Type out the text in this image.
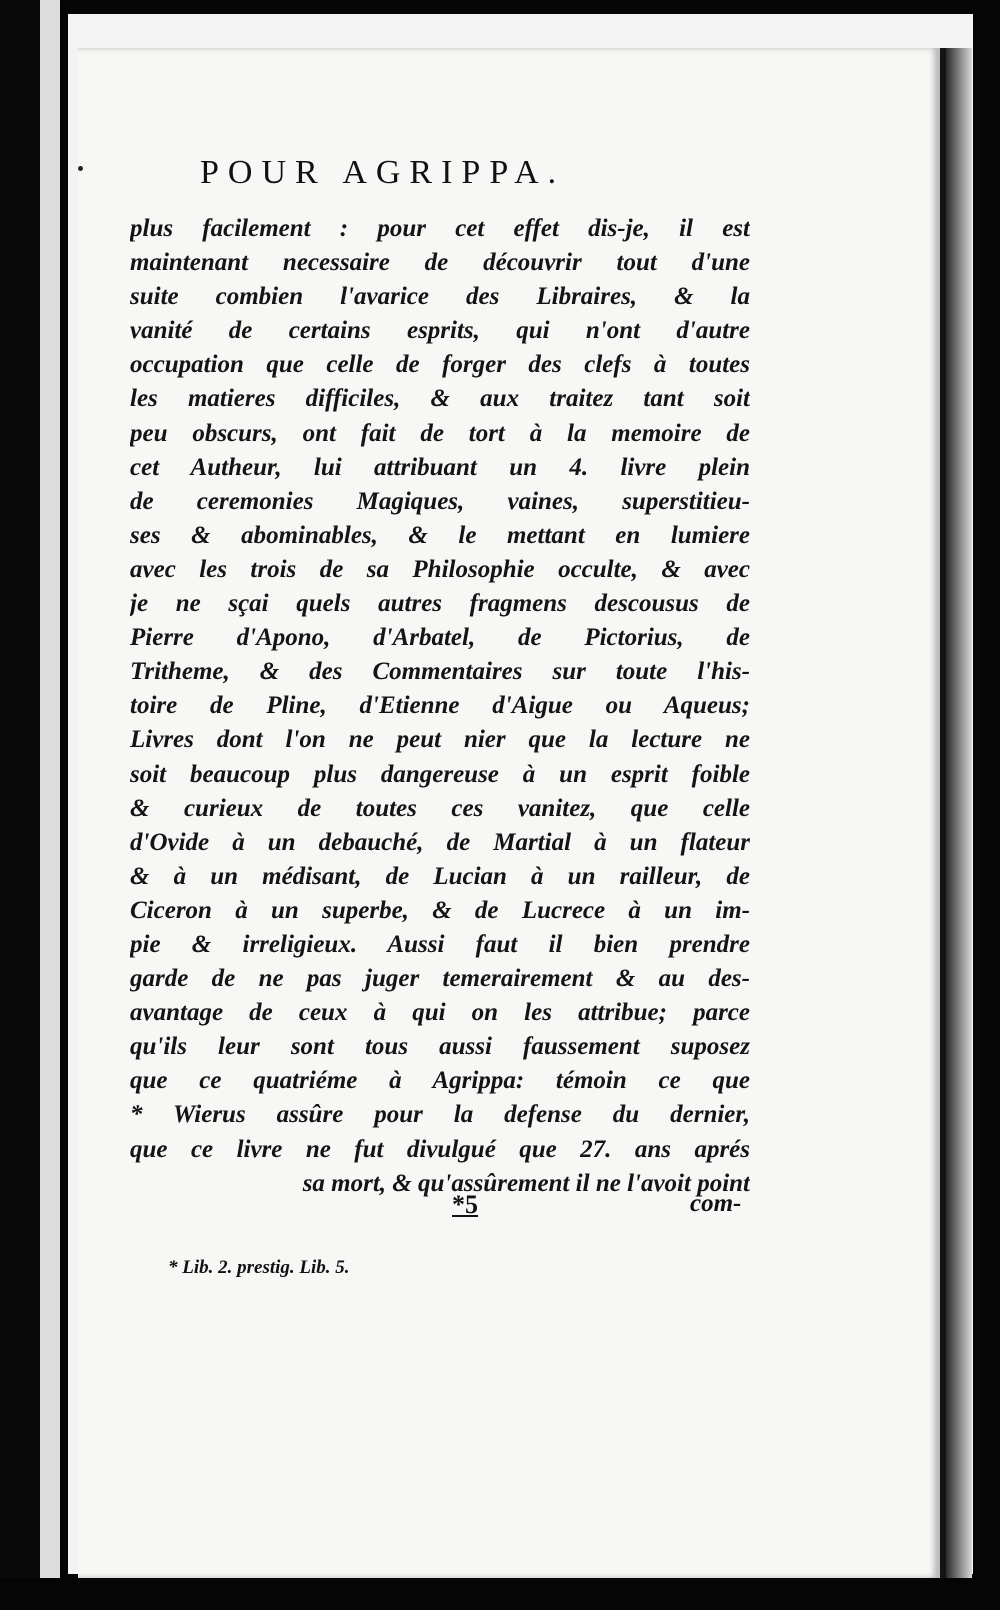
POUR AGRIPPA.
plus facilement : pour cet effet dis-je, il est
maintenant necessaire de découvrir tout d'une
suite combien l'avarice des Libraires, & la
vanité de certains esprits, qui n'ont d'autre
occupation que celle de forger des clefs à toutes
les matieres difficiles, & aux traitez tant soit
peu obscurs, ont fait de tort à la memoire de
cet Autheur, lui attribuant un 4. livre plein
de ceremonies Magiques, vaines, superstitieu-
ses & abominables, & le mettant en lumiere
avec les trois de sa Philosophie occulte, & avec
je ne sçai quels autres fragmens descousus de
Pierre d'Apono, d'Arbatel, de Pictorius, de
Tritheme, & des Commentaires sur toute l'his-
toire de Pline, d'Etienne d'Aigue ou Aqueus;
Livres dont l'on ne peut nier que la lecture ne
soit beaucoup plus dangereuse à un esprit foible
& curieux de toutes ces vanitez, que celle
d'Ovide à un debauché, de Martial à un flateur
& à un médisant, de Lucian à un railleur, de
Ciceron à un superbe, & de Lucrece à un im-
pie & irreligieux. Aussi faut il bien prendre
garde de ne pas juger temerairement & au des-
avantage de ceux à qui on les attribue; parce
qu'ils leur sont tous aussi faussement suposez
que ce quatriéme à Agrippa: témoin ce que
* Wierus assûre pour la defense du dernier,
que ce livre ne fut divulgué que 27. ans aprés
sa mort, & qu'assûrement il ne l'avoit point
*5	com-
* Lib. 2. prestig. Lib. 5.
